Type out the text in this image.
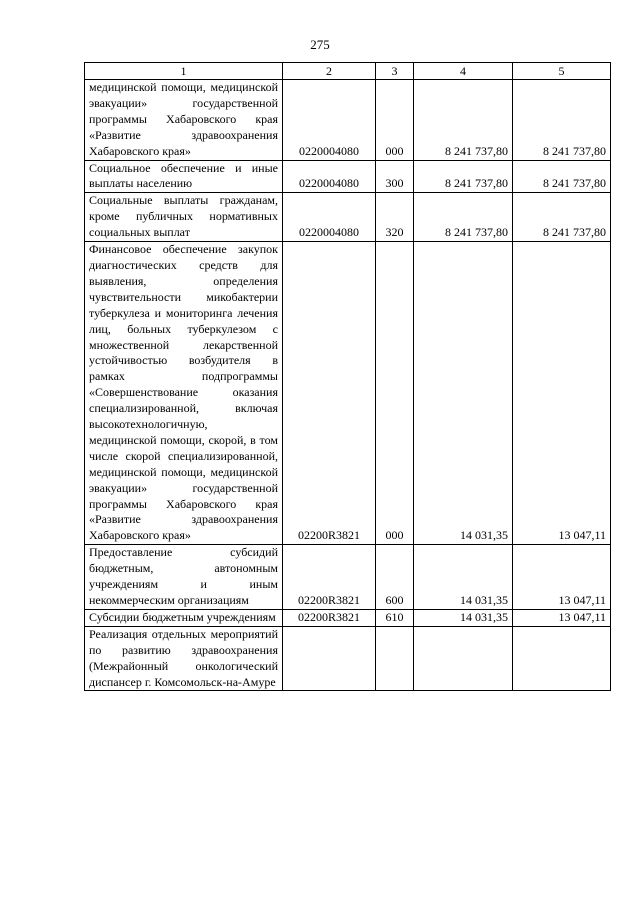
275
1	2	3	4	5
медицинской помощи, медицинской эвакуации» государственной программы Хабаровского края «Развитие здравоохранения Хабаровского края»	0220004080	000	8 241 737,80	8 241 737,80
Социальное обеспечение и иные выплаты населению	0220004080	300	8 241 737,80	8 241 737,80
Социальные выплаты гражданам, кроме публичных нормативных социальных выплат	0220004080	320	8 241 737,80	8 241 737,80
Финансовое обеспечение закупок диагностических средств для выявления, определения чувствительности микобактерии туберкулеза и мониторинга лечения лиц, больных туберкулезом с множественной лекарственной устойчивостью возбудителя в рамках подпрограммы «Совершенствование оказания специализированной, включая высокотехнологичную, медицинской помощи, скорой, в том числе скорой специализированной, медицинской помощи, медицинской эвакуации» государственной программы Хабаровского края «Развитие здравоохранения Хабаровского края»	02200R3821	000	14 031,35	13 047,11
Предоставление субсидий бюджетным, автономным учреждениям и иным некоммерческим организациям	02200R3821	600	14 031,35	13 047,11
Субсидии бюджетным учреждениям	02200R3821	610	14 031,35	13 047,11
Реализация отдельных мероприятий по развитию здравоохранения (Межрайонный онкологический диспансер г. Комсомольск-на-Амуре				
